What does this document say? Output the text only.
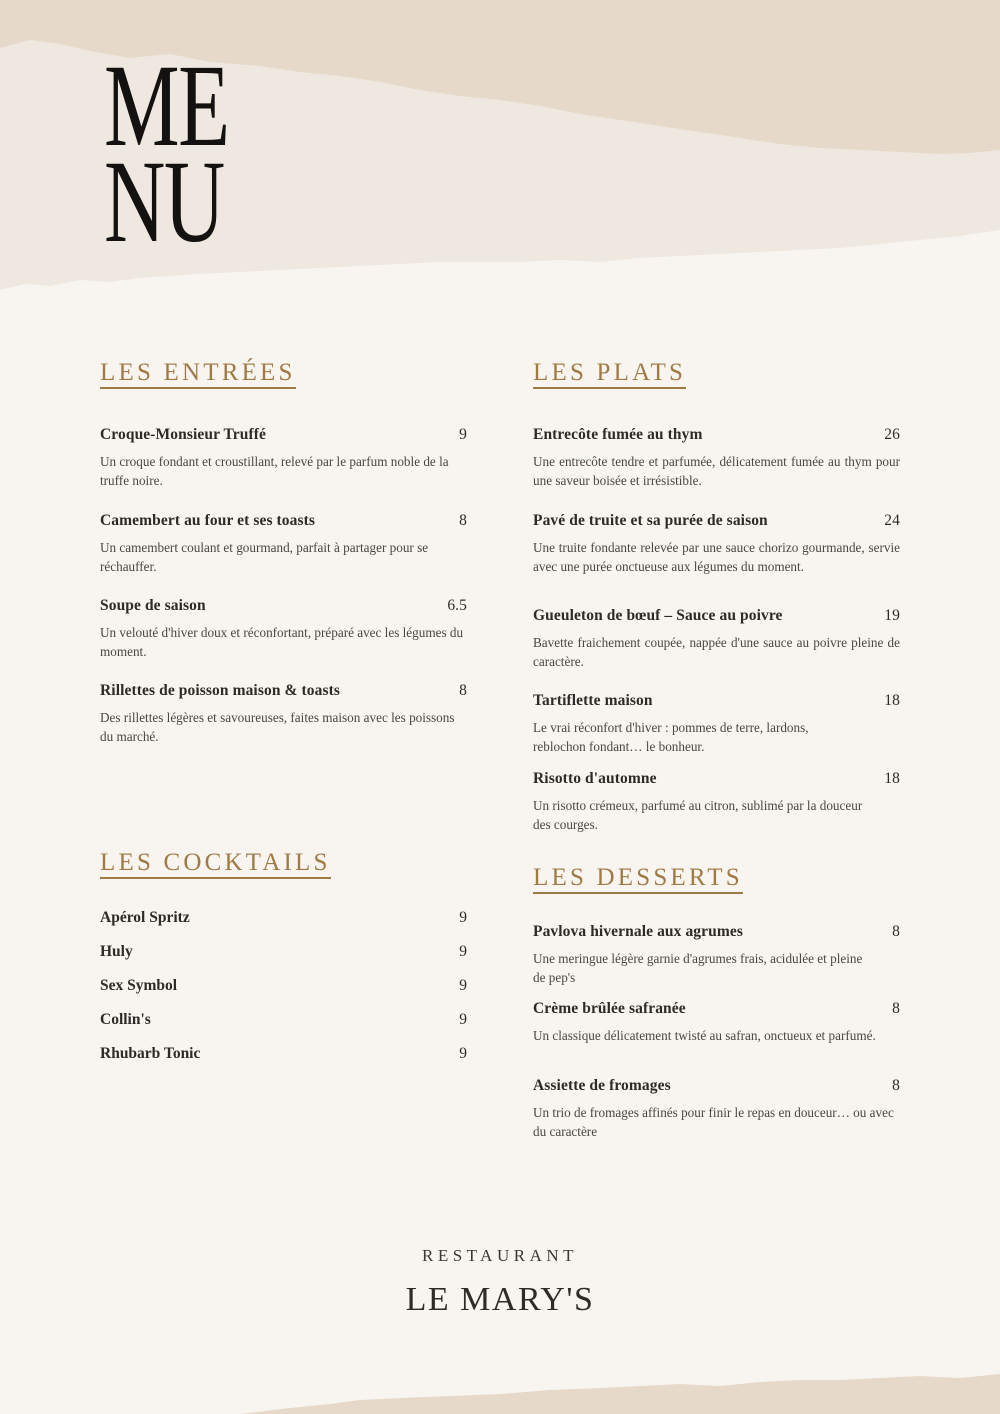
ME
NU
LES ENTRÉES
Croque-Monsieur Truffé	9
Un croque fondant et croustillant, relevé par le parfum noble de la truffe noire.
Camembert au four et ses toasts	8
Un camembert coulant et gourmand, parfait à partager pour se réchauffer.
Soupe de saison	6.5
Un velouté d'hiver doux et réconfortant, préparé avec les légumes du moment.
Rillettes de poisson maison & toasts	8
Des rillettes légères et savoureuses, faites maison avec les poissons du marché.
LES PLATS
Entrecôte fumée au thym	26
Une entrecôte tendre et parfumée, délicatement fumée au thym pour une saveur boisée et irrésistible.
Pavé de truite et sa purée de saison	24
Une truite fondante relevée par une sauce chorizo gourmande, servie avec une purée onctueuse aux légumes du moment.
Gueuleton de bœuf – Sauce au poivre	19
Bavette fraichement coupée, nappée d'une sauce au poivre pleine de caractère.
Tartiflette maison	18
Le vrai réconfort d'hiver : pommes de terre, lardons, reblochon fondant… le bonheur.
Risotto d'automne	18
Un risotto crémeux, parfumé au citron, sublimé par la douceur des courges.
LES COCKTAILS
Apérol Spritz	9
Huly	9
Sex Symbol	9
Collin's	9
Rhubarb Tonic	9
LES DESSERTS
Pavlova hivernale aux agrumes	8
Une meringue légère garnie d'agrumes frais, acidulée et pleine de pep's
Crème brûlée safranée	8
Un classique délicatement twisté au safran, onctueux et parfumé.
Assiette de fromages	8
Un trio de fromages affinés pour finir le repas en douceur… ou avec du caractère
RESTAURANT
LE MARY'S
